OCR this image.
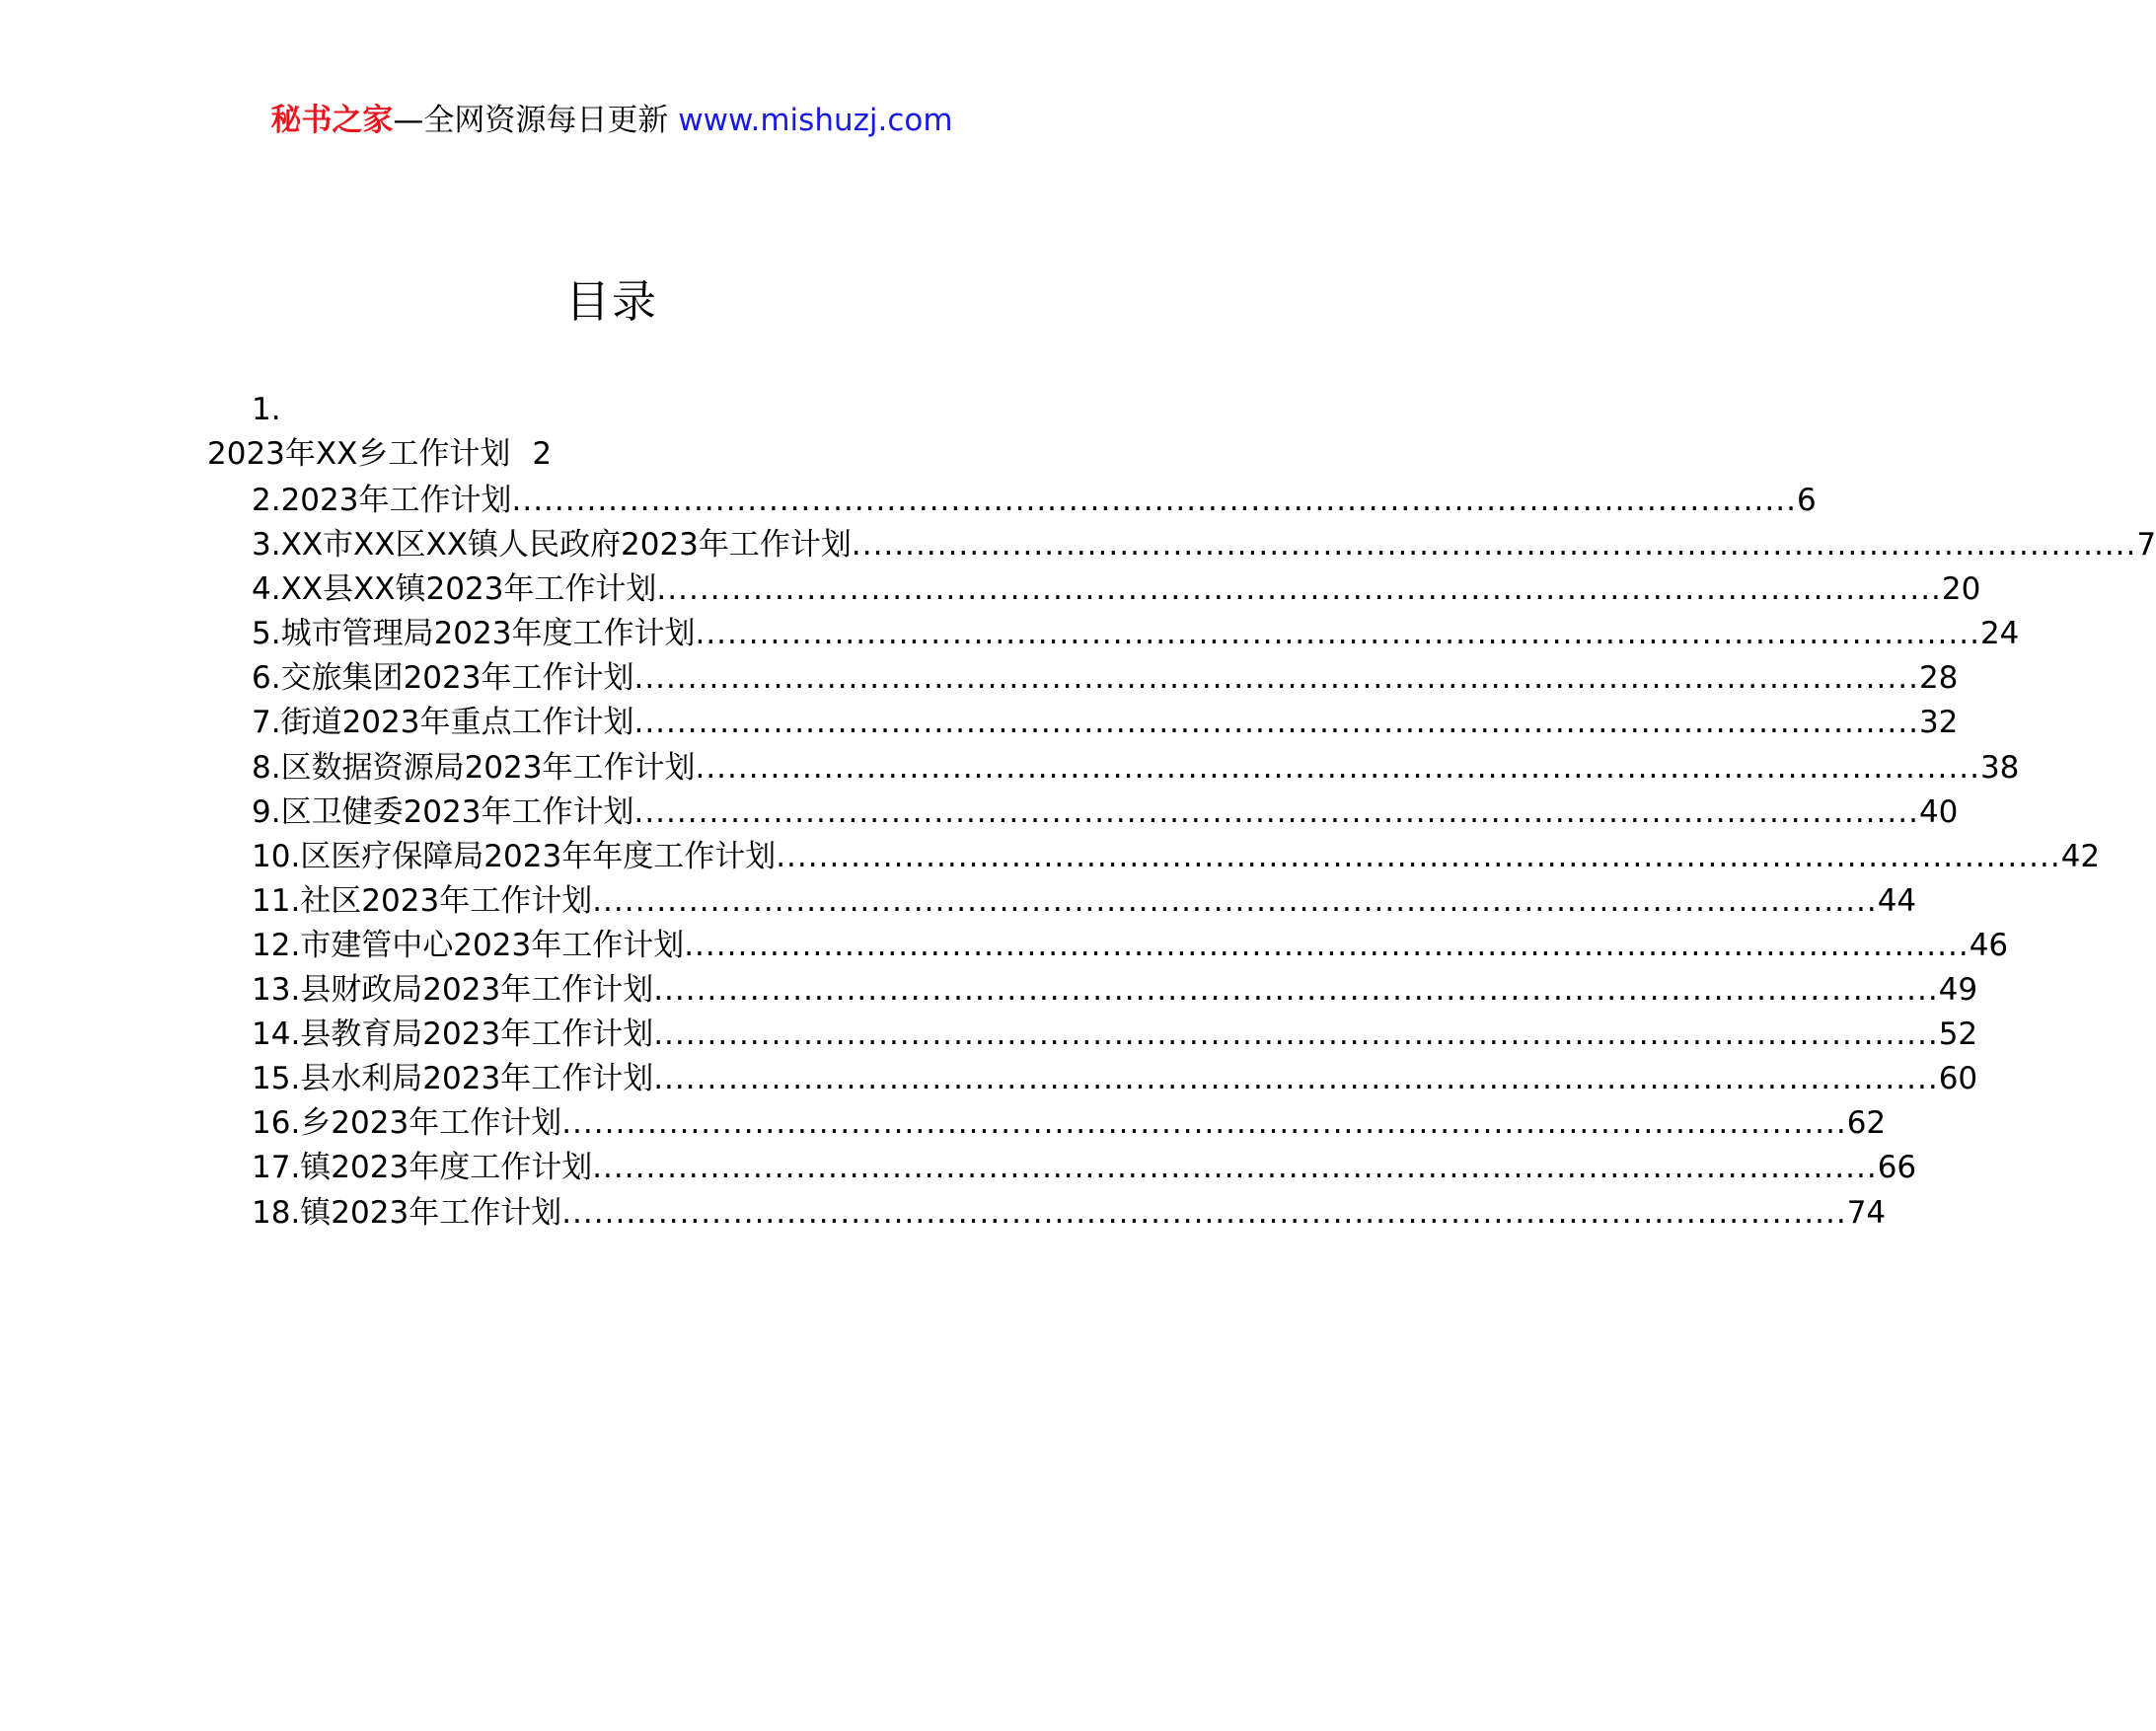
秘书之家—全网资源每日更新 www.mishuzj.com
目录
1.
2023年XX乡工作计划 2
2.2023年工作计划 ........................................................................................................................ 6
3.XX市XX区XX镇人民政府2023年工作计划 ........................................................................................................................ 7
4.XX县XX镇2023年工作计划 ........................................................................................................................ 20
5.城市管理局2023年度工作计划 ........................................................................................................................ 24
6.交旅集团2023年工作计划 ........................................................................................................................ 28
7.街道2023年重点工作计划 ........................................................................................................................ 32
8.区数据资源局2023年工作计划 ........................................................................................................................ 38
9.区卫健委2023年工作计划 ........................................................................................................................ 40
10.区医疗保障局2023年年度工作计划 ........................................................................................................................ 42
11.社区2023年工作计划 ........................................................................................................................ 44
12.市建管中心2023年工作计划 ........................................................................................................................ 46
13.县财政局2023年工作计划 ........................................................................................................................ 49
14.县教育局2023年工作计划 ........................................................................................................................ 52
15.县水利局2023年工作计划 ........................................................................................................................ 60
16.乡2023年工作计划 ........................................................................................................................ 62
17.镇2023年度工作计划 ........................................................................................................................ 66
18.镇2023年工作计划 ........................................................................................................................ 74
